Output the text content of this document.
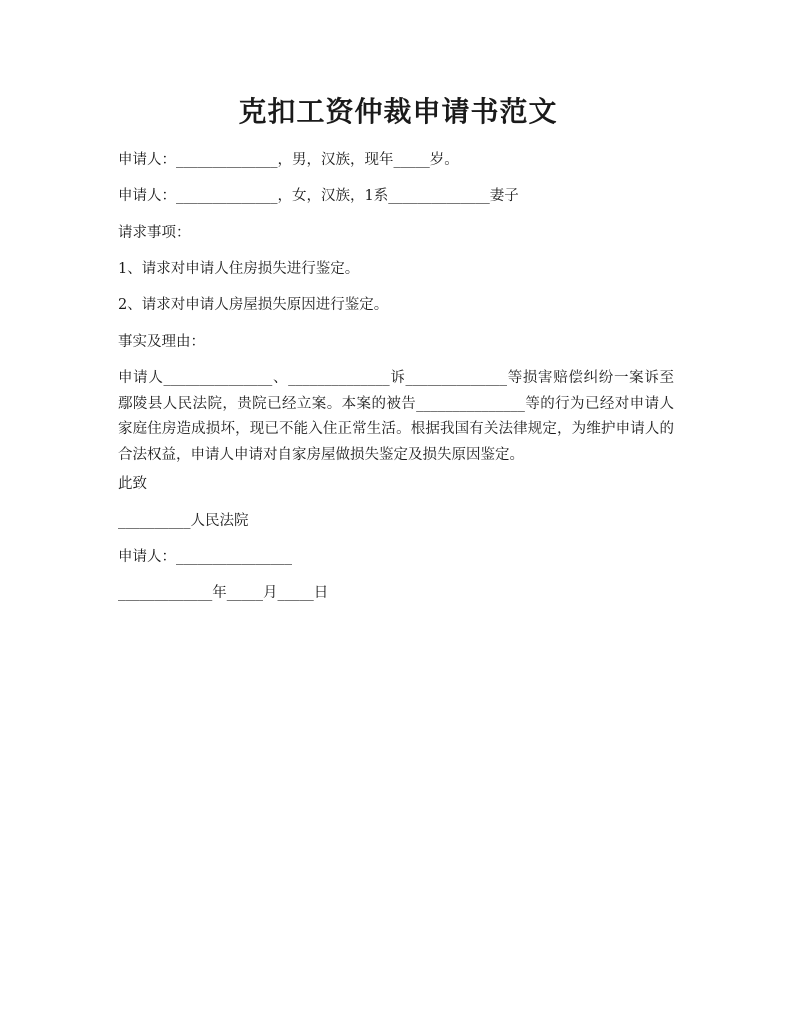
克扣工资仲裁申请书范文

申请人：______________，男，汉族，现年_____岁。

申请人：______________，女，汉族，1系______________妻子

请求事项：

1、请求对申请人住房损失进行鉴定。

2、请求对申请人房屋损失原因进行鉴定。

事实及理由：

申请人_______________、______________诉______________等损害赔偿纠纷一案诉至鄢陵县人民法院，贵院已经立案。本案的被告_______________等的行为已经对申请人家庭住房造成损坏，现已不能入住正常生活。根据我国有关法律规定，为维护申请人的合法权益，申请人申请对自家房屋做损失鉴定及损失原因鉴定。

此致

__________人民法院

申请人：________________

_____________年_____月_____日
